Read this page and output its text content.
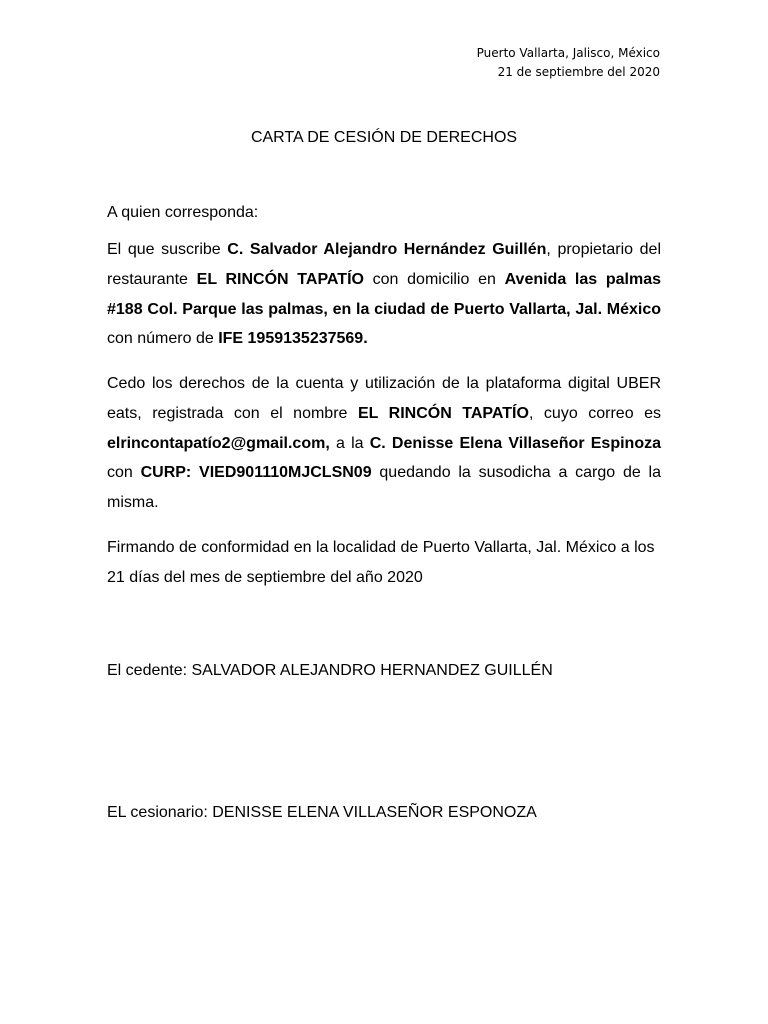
Puerto Vallarta, Jalisco, México
21 de septiembre del 2020
CARTA DE CESIÓN DE DERECHOS
A quien corresponda:
El que suscribe C. Salvador Alejandro Hernández Guillén, propietario del restaurante EL RINCÓN TAPATÍO con domicilio en Avenida las palmas #188 Col. Parque las palmas, en la ciudad de Puerto Vallarta, Jal. México con número de IFE 1959135237569.
Cedo los derechos de la cuenta y utilización de la plataforma digital UBER eats, registrada con el nombre EL RINCÓN TAPATÍO, cuyo correo es elrincontapatío2@gmail.com, a la C. Denisse Elena Villaseñor Espinoza con CURP: VIED901110MJCLSN09 quedando la susodicha a cargo de la misma.
Firmando de conformidad en la localidad de Puerto Vallarta, Jal. México a los 21 días del mes de septiembre del año 2020
El cedente: SALVADOR ALEJANDRO HERNANDEZ GUILLÉN
EL cesionario: DENISSE ELENA VILLASEÑOR ESPONOZA
